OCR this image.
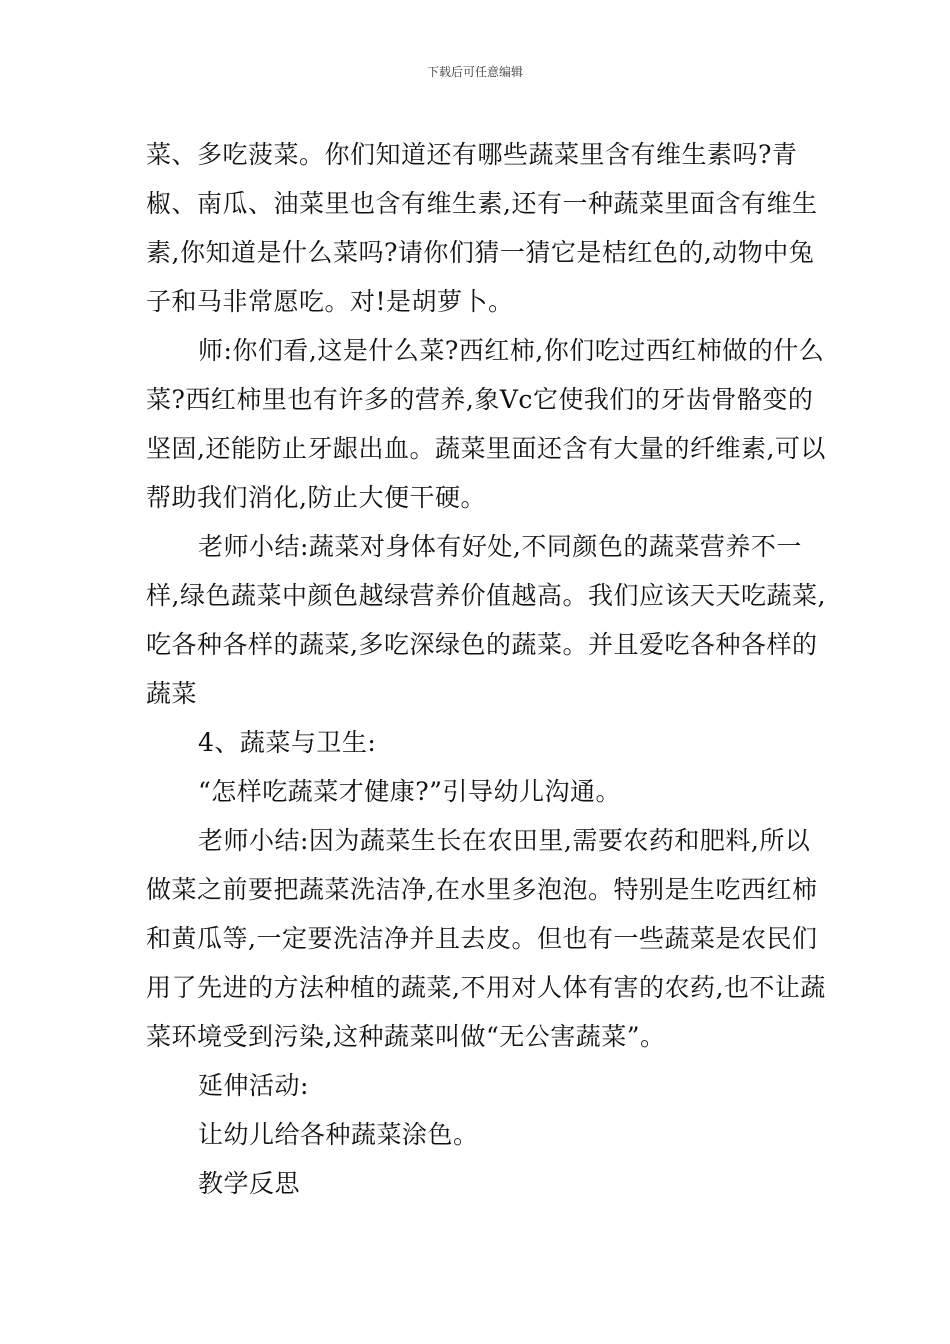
下载后可任意编辑

菜、多吃菠菜。你们知道还有哪些蔬菜里含有维生素吗?青椒、南瓜、油菜里也含有维生素,还有一种蔬菜里面含有维生素,你知道是什么菜吗?请你们猜一猜它是桔红色的,动物中兔子和马非常愿吃。对!是胡萝卜。

师:你们看,这是什么菜?西红柿,你们吃过西红柿做的什么菜?西红柿里也有许多的营养,象Vc它使我们的牙齿骨骼变的坚固,还能防止牙龈出血。蔬菜里面还含有大量的纤维素,可以帮助我们消化,防止大便干硬。

老师小结:蔬菜对身体有好处,不同颜色的蔬菜营养不一样,绿色蔬菜中颜色越绿营养价值越高。我们应该天天吃蔬菜,吃各种各样的蔬菜,多吃深绿色的蔬菜。并且爱吃各种各样的蔬菜

4、蔬菜与卫生:

“怎样吃蔬菜才健康?”引导幼儿沟通。

老师小结:因为蔬菜生长在农田里,需要农药和肥料,所以做菜之前要把蔬菜洗洁净,在水里多泡泡。特别是生吃西红柿和黄瓜等,一定要洗洁净并且去皮。但也有一些蔬菜是农民们用了先进的方法种植的蔬菜,不用对人体有害的农药,也不让蔬菜环境受到污染,这种蔬菜叫做“无公害蔬菜”。

延伸活动:

让幼儿给各种蔬菜涂色。

教学反思
